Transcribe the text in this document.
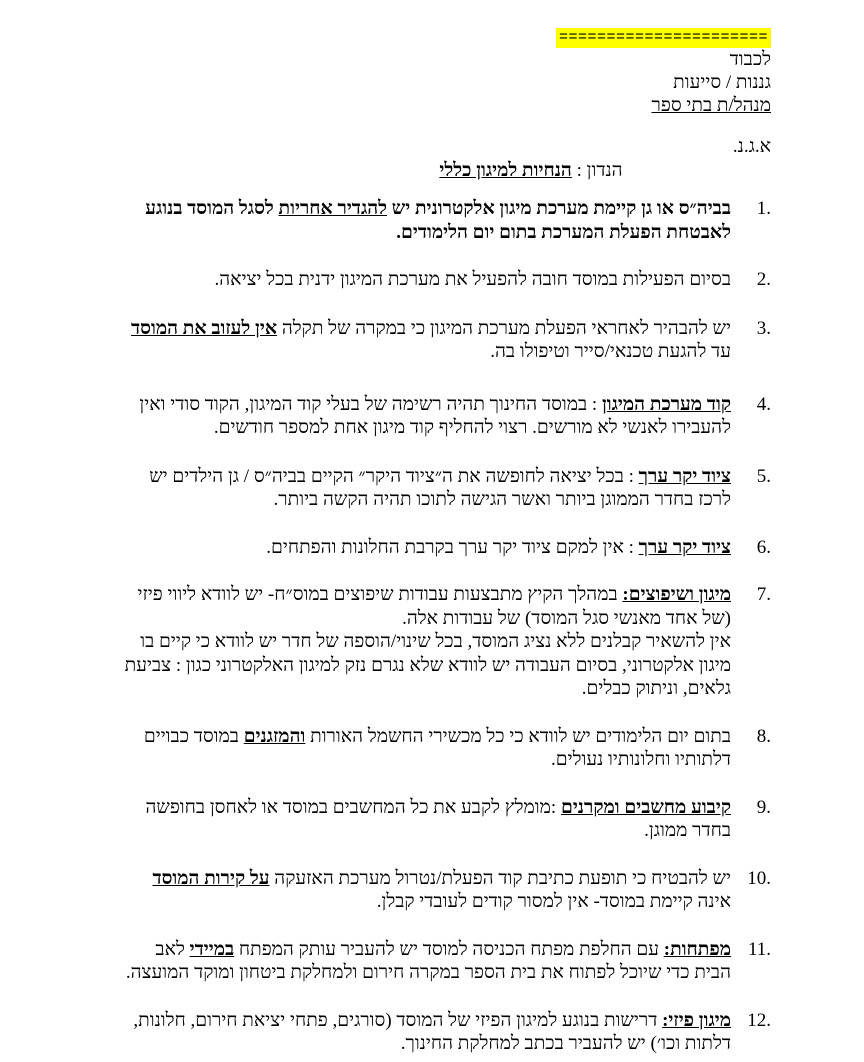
======================
לכבוד
גננות / סייעות
מנהל/ת בתי ספר
א.ג.נ.
הנדון : הנחיות למיגון כללי
1.
בביה״ס או גן קיימת מערכת מיגון אלקטרונית יש להגדיר אחריות לסגל המוסד בנוגע לאבטחת הפעלת המערכת בתום יום הלימודים.
2.
בסיום הפעילות במוסד חובה להפעיל את מערכת המיגון ידנית בכל יציאה.
3.
יש להבהיר לאחראי הפעלת מערכת המיגון כי במקרה של תקלה אין לעזוב את המוסד עד להגעת טכנאי/סייר וטיפולו בה.
4.
קוד מערכת המיגון : במוסד החינוך תהיה רשימה של בעלי קוד המיגון, הקוד סודי ואין להעבירו לאנשי לא מורשים. רצוי להחליף קוד מיגון אחת למספר חודשים.
5.
ציוד יקר ערך : בכל יציאה לחופשה את ה״ציוד היקר״ הקיים בביה״ס / גן הילדים יש לרכז בחדר הממוגן ביותר ואשר הגישה לתוכו תהיה הקשה ביותר.
6.
ציוד יקר ערך : אין למקם ציוד יקר ערך בקרבת החלונות והפתחים.
7.
מיגון ושיפוצים: במהלך הקיץ מתבצעות עבודות שיפוצים במוס״ח- יש לוודא ליווי פיזי (של אחד מאנשי סגל המוסד) של עבודות אלה.
אין להשאיר קבלנים ללא נציג המוסד, בכל שינוי/הוספה של חדר יש לוודא כי קיים בו מיגון אלקטרוני, בסיום העבודה יש לוודא שלא נגרם נזק למיגון האלקטרוני כגון : צביעת גלאים, וניתוק כבלים.
8.
בתום יום הלימודים יש לוודא כי כל מכשירי החשמל האורות והמזגנים במוסד כבויים דלתותיו וחלונותיו נעולים.
9.
קיבוע מחשבים ומקרנים :מומלץ לקבע את כל המחשבים במוסד או לאחסן בחופשה בחדר ממוגן.
10.
יש להבטיח כי תופעת כתיבת קוד הפעלת/נטרול מערכת האזעקה על קירות המוסד אינה קיימת במוסד- אין למסור קודים לעובדי קבלן.
11.
מפתחות: עם החלפת מפתח הכניסה למוסד יש להעביר עותק המפתח במיידי לאב הבית כדי שיוכל לפתוח את בית הספר במקרה חירום ולמחלקת ביטחון ומוקד המועצה.
12.
מיגון פיזי: דרישות בנוגע למיגון הפיזי של המוסד (סורגים, פתחי יציאת חירום, חלונות, דלתות וכו׳) יש להעביר בכתב למחלקת החינוך.
